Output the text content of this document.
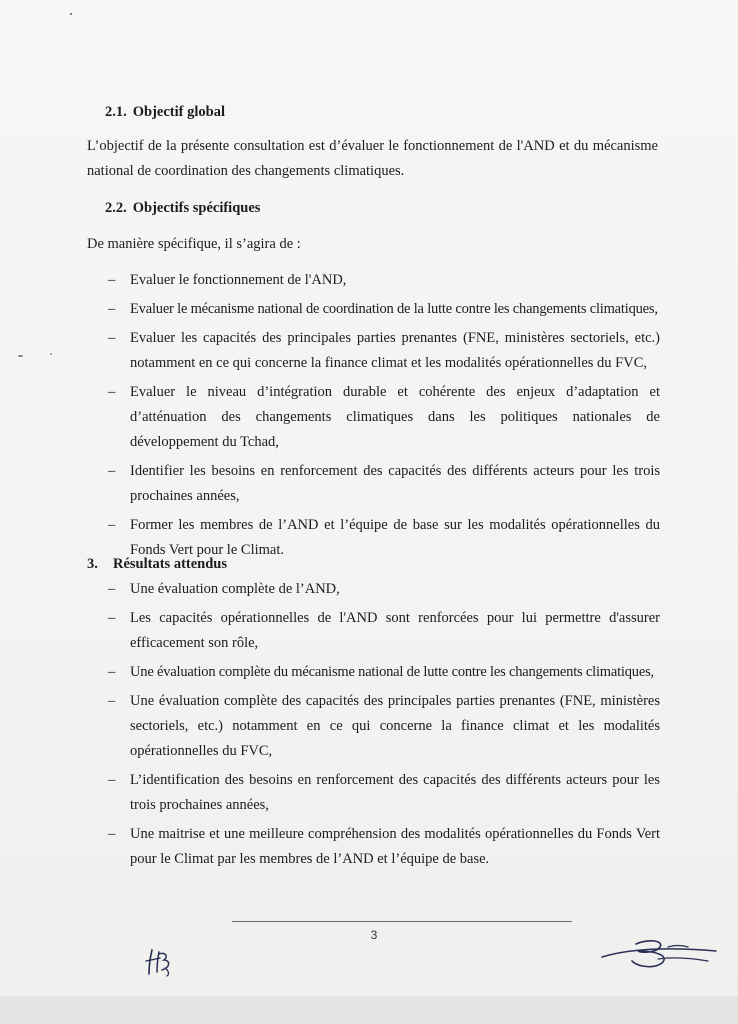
2.1. Objectif global
L’objectif de la présente consultation est d’évaluer le fonctionnement de l'AND et du mécanisme national de coordination des changements climatiques.
2.2. Objectifs spécifiques
De manière spécifique, il s’agira de :
– Evaluer le fonctionnement de l'AND,
– Evaluer le mécanisme national de coordination de la lutte contre les changements climatiques,
– Evaluer les capacités des principales parties prenantes (FNE, ministères sectoriels, etc.) notamment en ce qui concerne la finance climat et les modalités opérationnelles du FVC,
– Evaluer le niveau d’intégration durable et cohérente des enjeux d’adaptation et d’atténuation des changements climatiques dans les politiques nationales de développement du Tchad,
– Identifier les besoins en renforcement des capacités des différents acteurs pour les trois prochaines années,
– Former les membres de l’AND et l’équipe de base sur les modalités opérationnelles du Fonds Vert pour le Climat.
3. Résultats attendus
– Une évaluation complète de l’AND,
– Les capacités opérationnelles de l'AND sont renforcées pour lui permettre d'assurer efficacement son rôle,
– Une évaluation complète du mécanisme national de lutte contre les changements climatiques,
– Une évaluation complète des capacités des principales parties prenantes (FNE, ministères sectoriels, etc.) notamment en ce qui concerne la finance climat et les modalités opérationnelles du FVC,
– L’identification des besoins en renforcement des capacités des différents acteurs pour les trois prochaines années,
– Une maitrise et une meilleure compréhension des modalités opérationnelles du Fonds Vert pour le Climat par les membres de l’AND et l’équipe de base.
3
